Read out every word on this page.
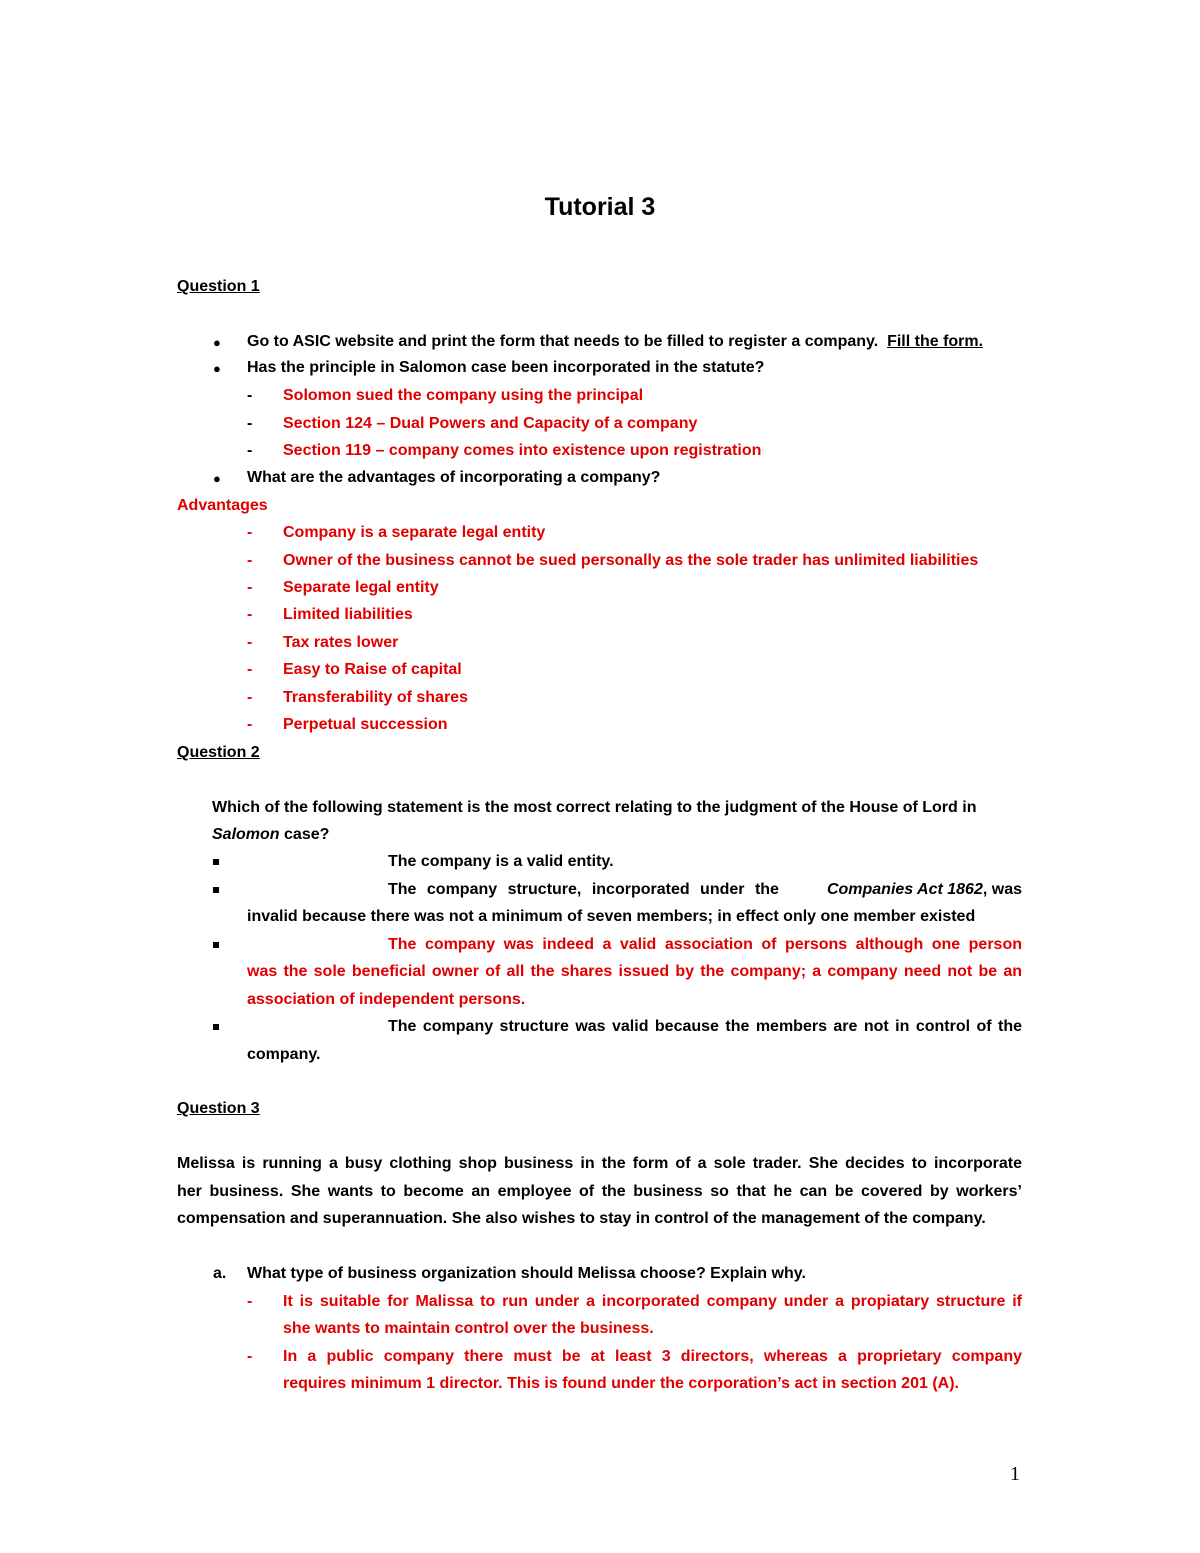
Tutorial 3
Question 1
● Go to ASIC website and print the form that needs to be filled to register a company. Fill the form.
● Has the principle in Salomon case been incorporated in the statute?
- Solomon sued the company using the principal
- Section 124 – Dual Powers and Capacity of a company
- Section 119 – company comes into existence upon registration
● What are the advantages of incorporating a company?
Advantages
- Company is a separate legal entity
- Owner of the business cannot be sued personally as the sole trader has unlimited liabilities
- Separate legal entity
- Limited liabilities
- Tax rates lower
- Easy to Raise of capital
- Transferability of shares
- Perpetual succession
Question 2
Which of the following statement is the most correct relating to the judgment of the House of Lord in
Salomon case?
The company is a valid entity.
The company structure, incorporated under the	Companies Act 1862, was
invalid because there was not a minimum of seven members; in effect only one member existed
The company was indeed a valid association of persons although one person
was the sole beneficial owner of all the shares issued by the company; a company need not be an
association of independent persons.
The company structure was valid because the members are not in control of the
company.
Question 3
Melissa is running a busy clothing shop business in the form of a sole trader. She decides to incorporate
her business. She wants to become an employee of the business so that he can be covered by workers’
compensation and superannuation. She also wishes to stay in control of the management of the company.
a. What type of business organization should Melissa choose? Explain why.
- It is suitable for Malissa to run under a incorporated company under a propiatary structure if
she wants to maintain control over the business.
- In a public company there must be at least 3 directors, whereas a proprietary company
requires minimum 1 director. This is found under the corporation’s act in section 201 (A).
1
